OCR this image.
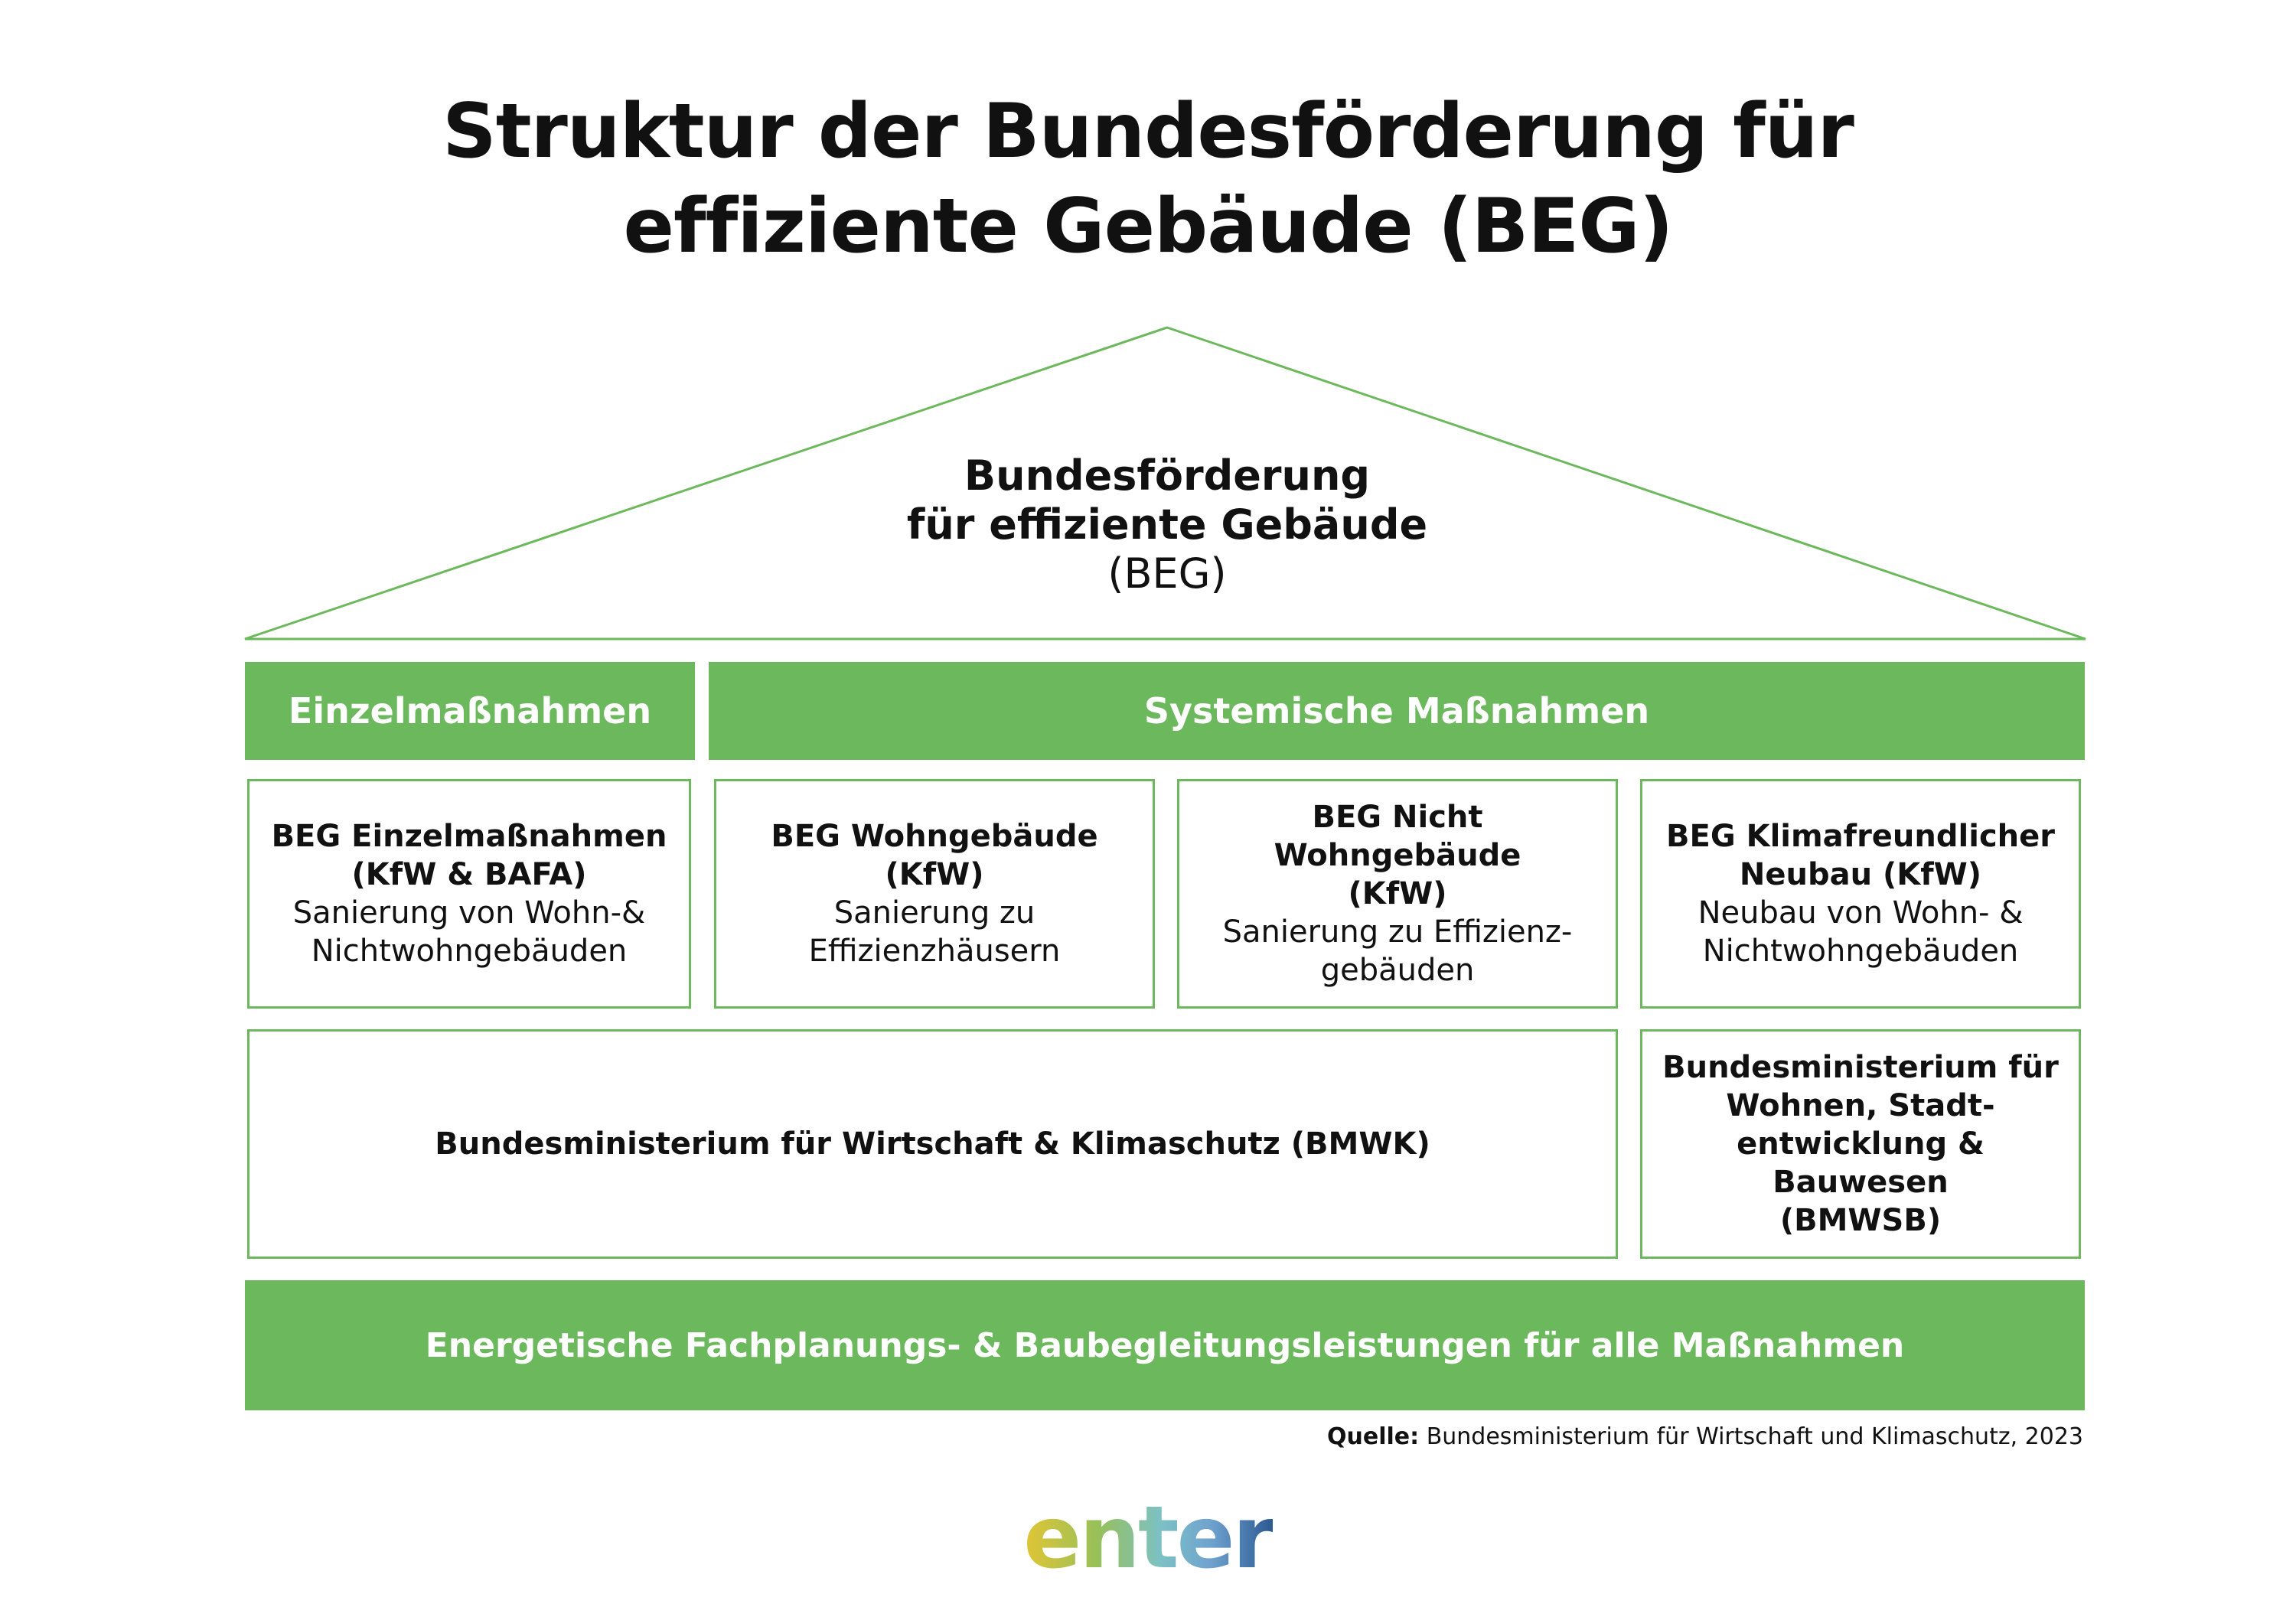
Struktur der Bundesförderung für
effiziente Gebäude (BEG)
Bundesförderung
für effiziente Gebäude
(BEG)
Einzelmaßnahmen	Systemische Maßnahmen
BEG Einzelmaßnahmen
(KfW & BAFA)
Sanierung von Wohn-&
Nichtwohngebäuden
BEG Wohngebäude (KfW)
Sanierung zu
Effizienzhäusern
BEG Nicht Wohngebäude
(KfW)
Sanierung zu Effizienz-
gebäuden
BEG Klimafreundlicher
Neubau (KfW)
Neubau von Wohn- &
Nichtwohngebäuden
Bundesministerium für Wirtschaft & Klimaschutz (BMWK)
Bundesministerium für
Wohnen, Stadt-
entwicklung & Bauwesen
(BMWSB)
Energetische Fachplanungs- & Baubegleitungsleistungen für alle Maßnahmen
Quelle: Bundesministerium für Wirtschaft und Klimaschutz, 2023
enter
